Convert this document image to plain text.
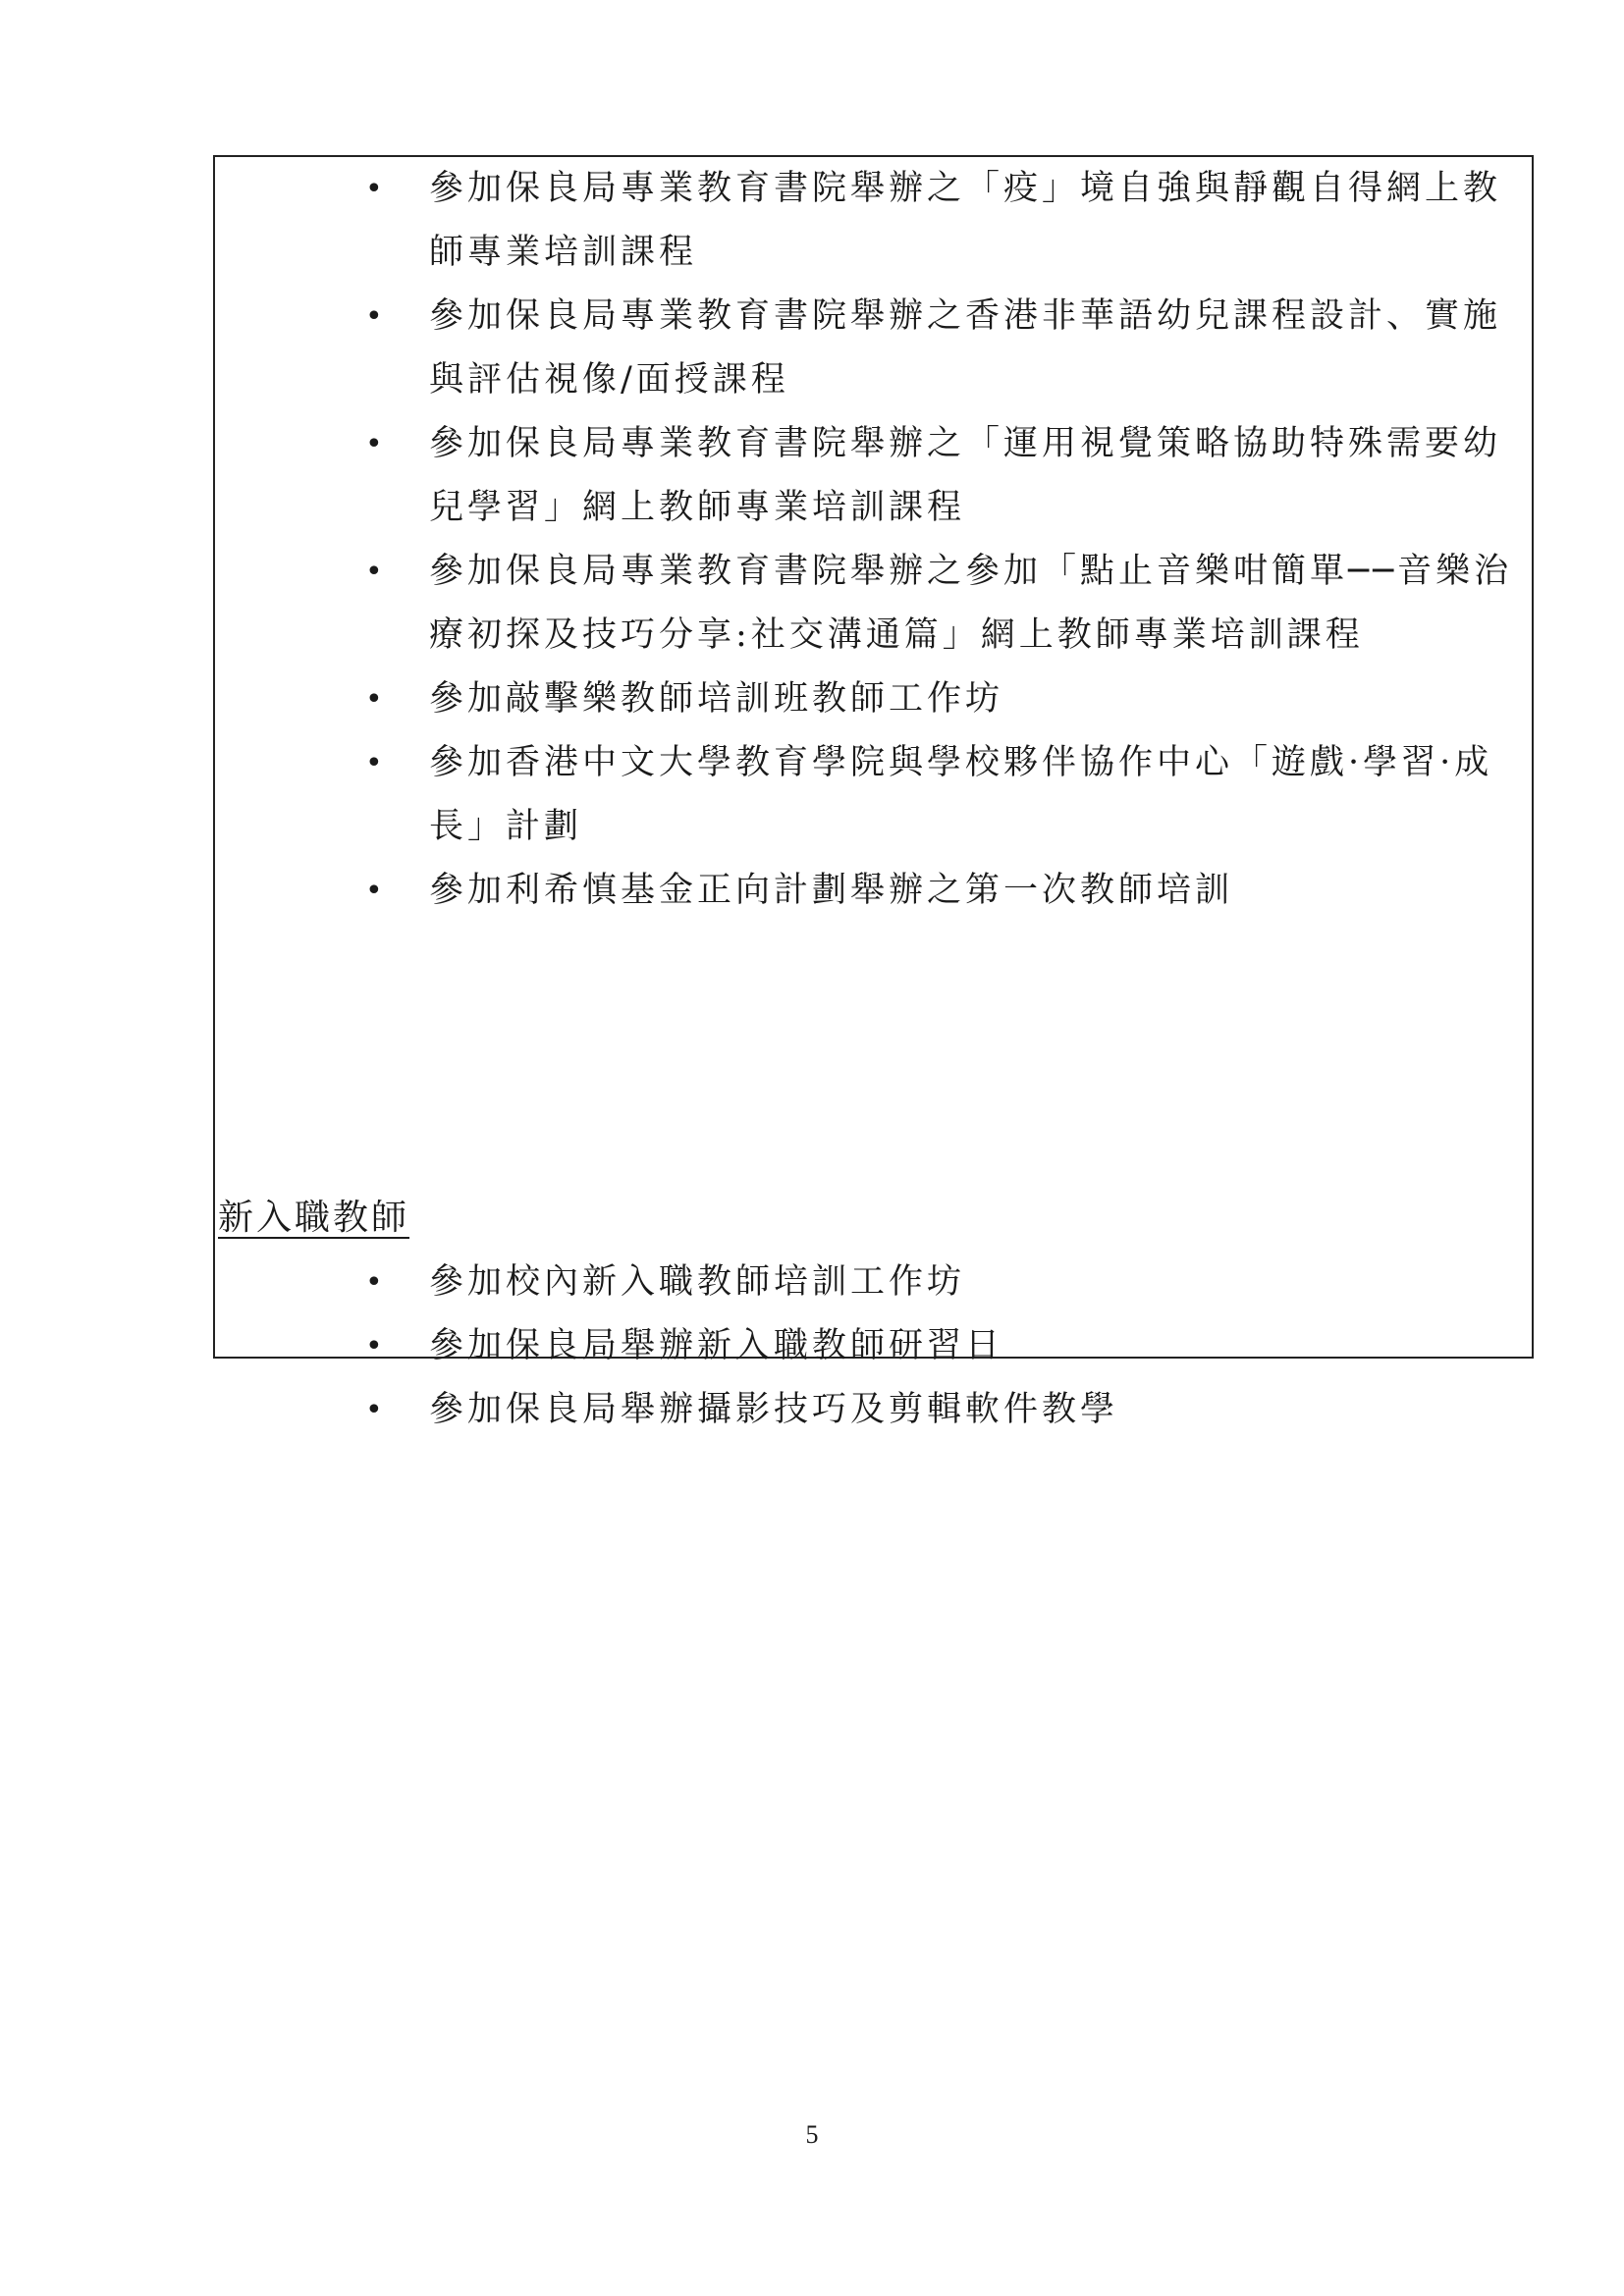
• 參加保良局專業教育書院舉辦之「疫」境自強與靜觀自得網上教師專業培訓課程
• 參加保良局專業教育書院舉辦之香港非華語幼兒課程設計、實施與評估視像/面授課程
• 參加保良局專業教育書院舉辦之「運用視覺策略協助特殊需要幼兒學習」網上教師專業培訓課程
• 參加保良局專業教育書院舉辦之參加「點止音樂咁簡單──音樂治療初探及技巧分享:社交溝通篇」網上教師專業培訓課程
• 參加敲擊樂教師培訓班教師工作坊
• 參加香港中文大學教育學院與學校夥伴協作中心「遊戲·學習·成長」計劃
• 參加利希慎基金正向計劃舉辦之第一次教師培訓
新入職教師
• 參加校內新入職教師培訓工作坊
• 參加保良局舉辦新入職教師研習日
• 參加保良局舉辦攝影技巧及剪輯軟件教學
5
